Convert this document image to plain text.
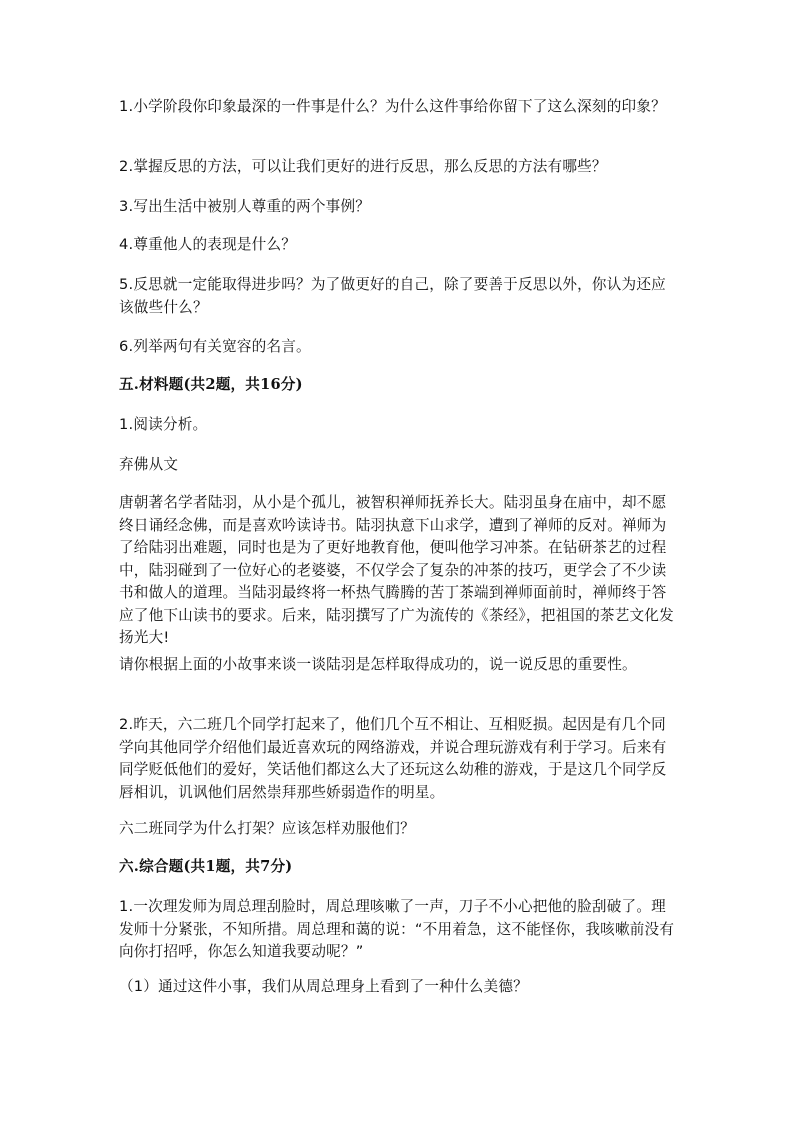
1.小学阶段你印象最深的一件事是什么？为什么这件事给你留下了这么深刻的印象？
2.掌握反思的方法，可以让我们更好的进行反思，那么反思的方法有哪些？
3.写出生活中被别人尊重的两个事例？
4.尊重他人的表现是什么？
5.反思就一定能取得进步吗？为了做更好的自己，除了要善于反思以外，你认为还应该做些什么？
6.列举两句有关宽容的名言。
五.材料题(共2题，共16分)
1.阅读分析。
弃佛从文
唐朝著名学者陆羽，从小是个孤儿，被智积禅师抚养长大。陆羽虽身在庙中，却不愿终日诵经念佛，而是喜欢吟读诗书。陆羽执意下山求学，遭到了禅师的反对。禅师为了给陆羽出难题，同时也是为了更好地教育他，便叫他学习冲茶。在钻研茶艺的过程中，陆羽碰到了一位好心的老婆婆，不仅学会了复杂的冲茶的技巧，更学会了不少读书和做人的道理。当陆羽最终将一杯热气腾腾的苦丁茶端到禅师面前时，禅师终于答应了他下山读书的要求。后来，陆羽撰写了广为流传的《茶经》，把祖国的茶艺文化发扬光大!
请你根据上面的小故事来谈一谈陆羽是怎样取得成功的，说一说反思的重要性。
2.昨天，六二班几个同学打起来了，他们几个互不相让、互相贬损。起因是有几个同学向其他同学介绍他们最近喜欢玩的网络游戏，并说合理玩游戏有利于学习。后来有同学贬低他们的爱好，笑话他们都这么大了还玩这么幼稚的游戏，于是这几个同学反唇相讥，讥讽他们居然崇拜那些娇弱造作的明星。
六二班同学为什么打架？应该怎样劝服他们？
六.综合题(共1题，共7分)
1.一次理发师为周总理刮脸时，周总理咳嗽了一声，刀子不小心把他的脸刮破了。理发师十分紧张，不知所措。周总理和蔼的说：“不用着急，这不能怪你，我咳嗽前没有向你打招呼，你怎么知道我要动呢？”
（1）通过这件小事，我们从周总理身上看到了一种什么美德？
